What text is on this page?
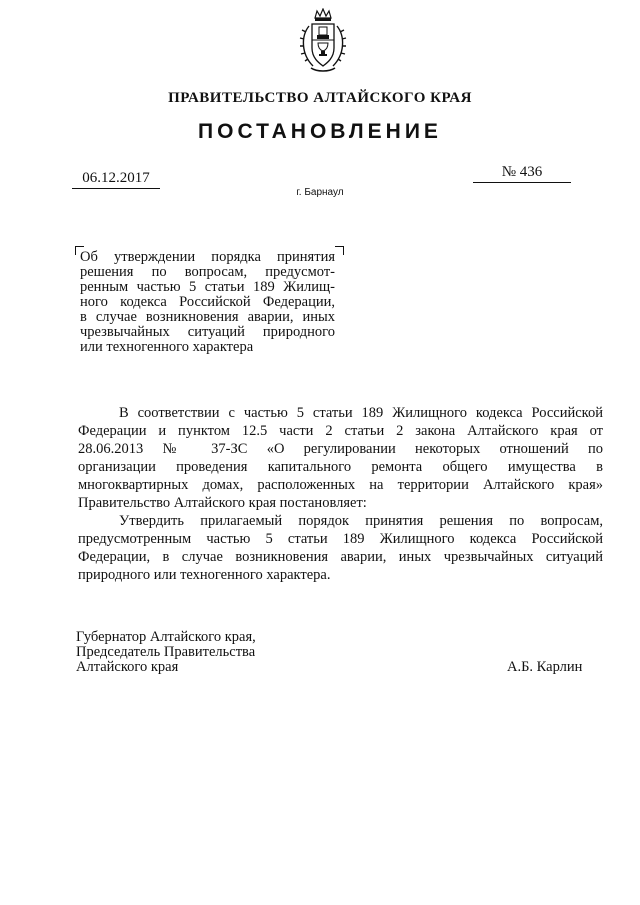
ПРАВИТЕЛЬСТВО АЛТАЙСКОГО КРАЯ
ПОСТАНОВЛЕНИЕ
06.12.2017	№ 436
г. Барнаул

Об утверждении порядка принятия

решения по вопросам, предусмот-

ренным частью 5 статьи 189 Жилищ-

ного кодекса Российской Федерации,

в случае возникновения аварии, иных

чрезвычайных ситуаций природного

или техногенного характера

В соответствии с частью 5 статьи 189 Жилищного кодекса Российской

Федерации и пунктом 12.5 части 2 статьи 2 закона Алтайского края от

28.06.2013 № 37-ЗС «О регулировании некоторых отношений по

организации проведения капитального ремонта общего имущества в

многоквартирных домах, расположенных на территории Алтайского края»

Правительство Алтайского края постановляет:

Утвердить прилагаемый порядок принятия решения по вопросам,

предусмотренным частью 5 статьи 189 Жилищного кодекса Российской

Федерации, в случае возникновения аварии, иных чрезвычайных ситуаций

природного или техногенного характера.

Губернатор Алтайского края,

Председатель Правительства

Алтайского края	А.Б. Карлин
